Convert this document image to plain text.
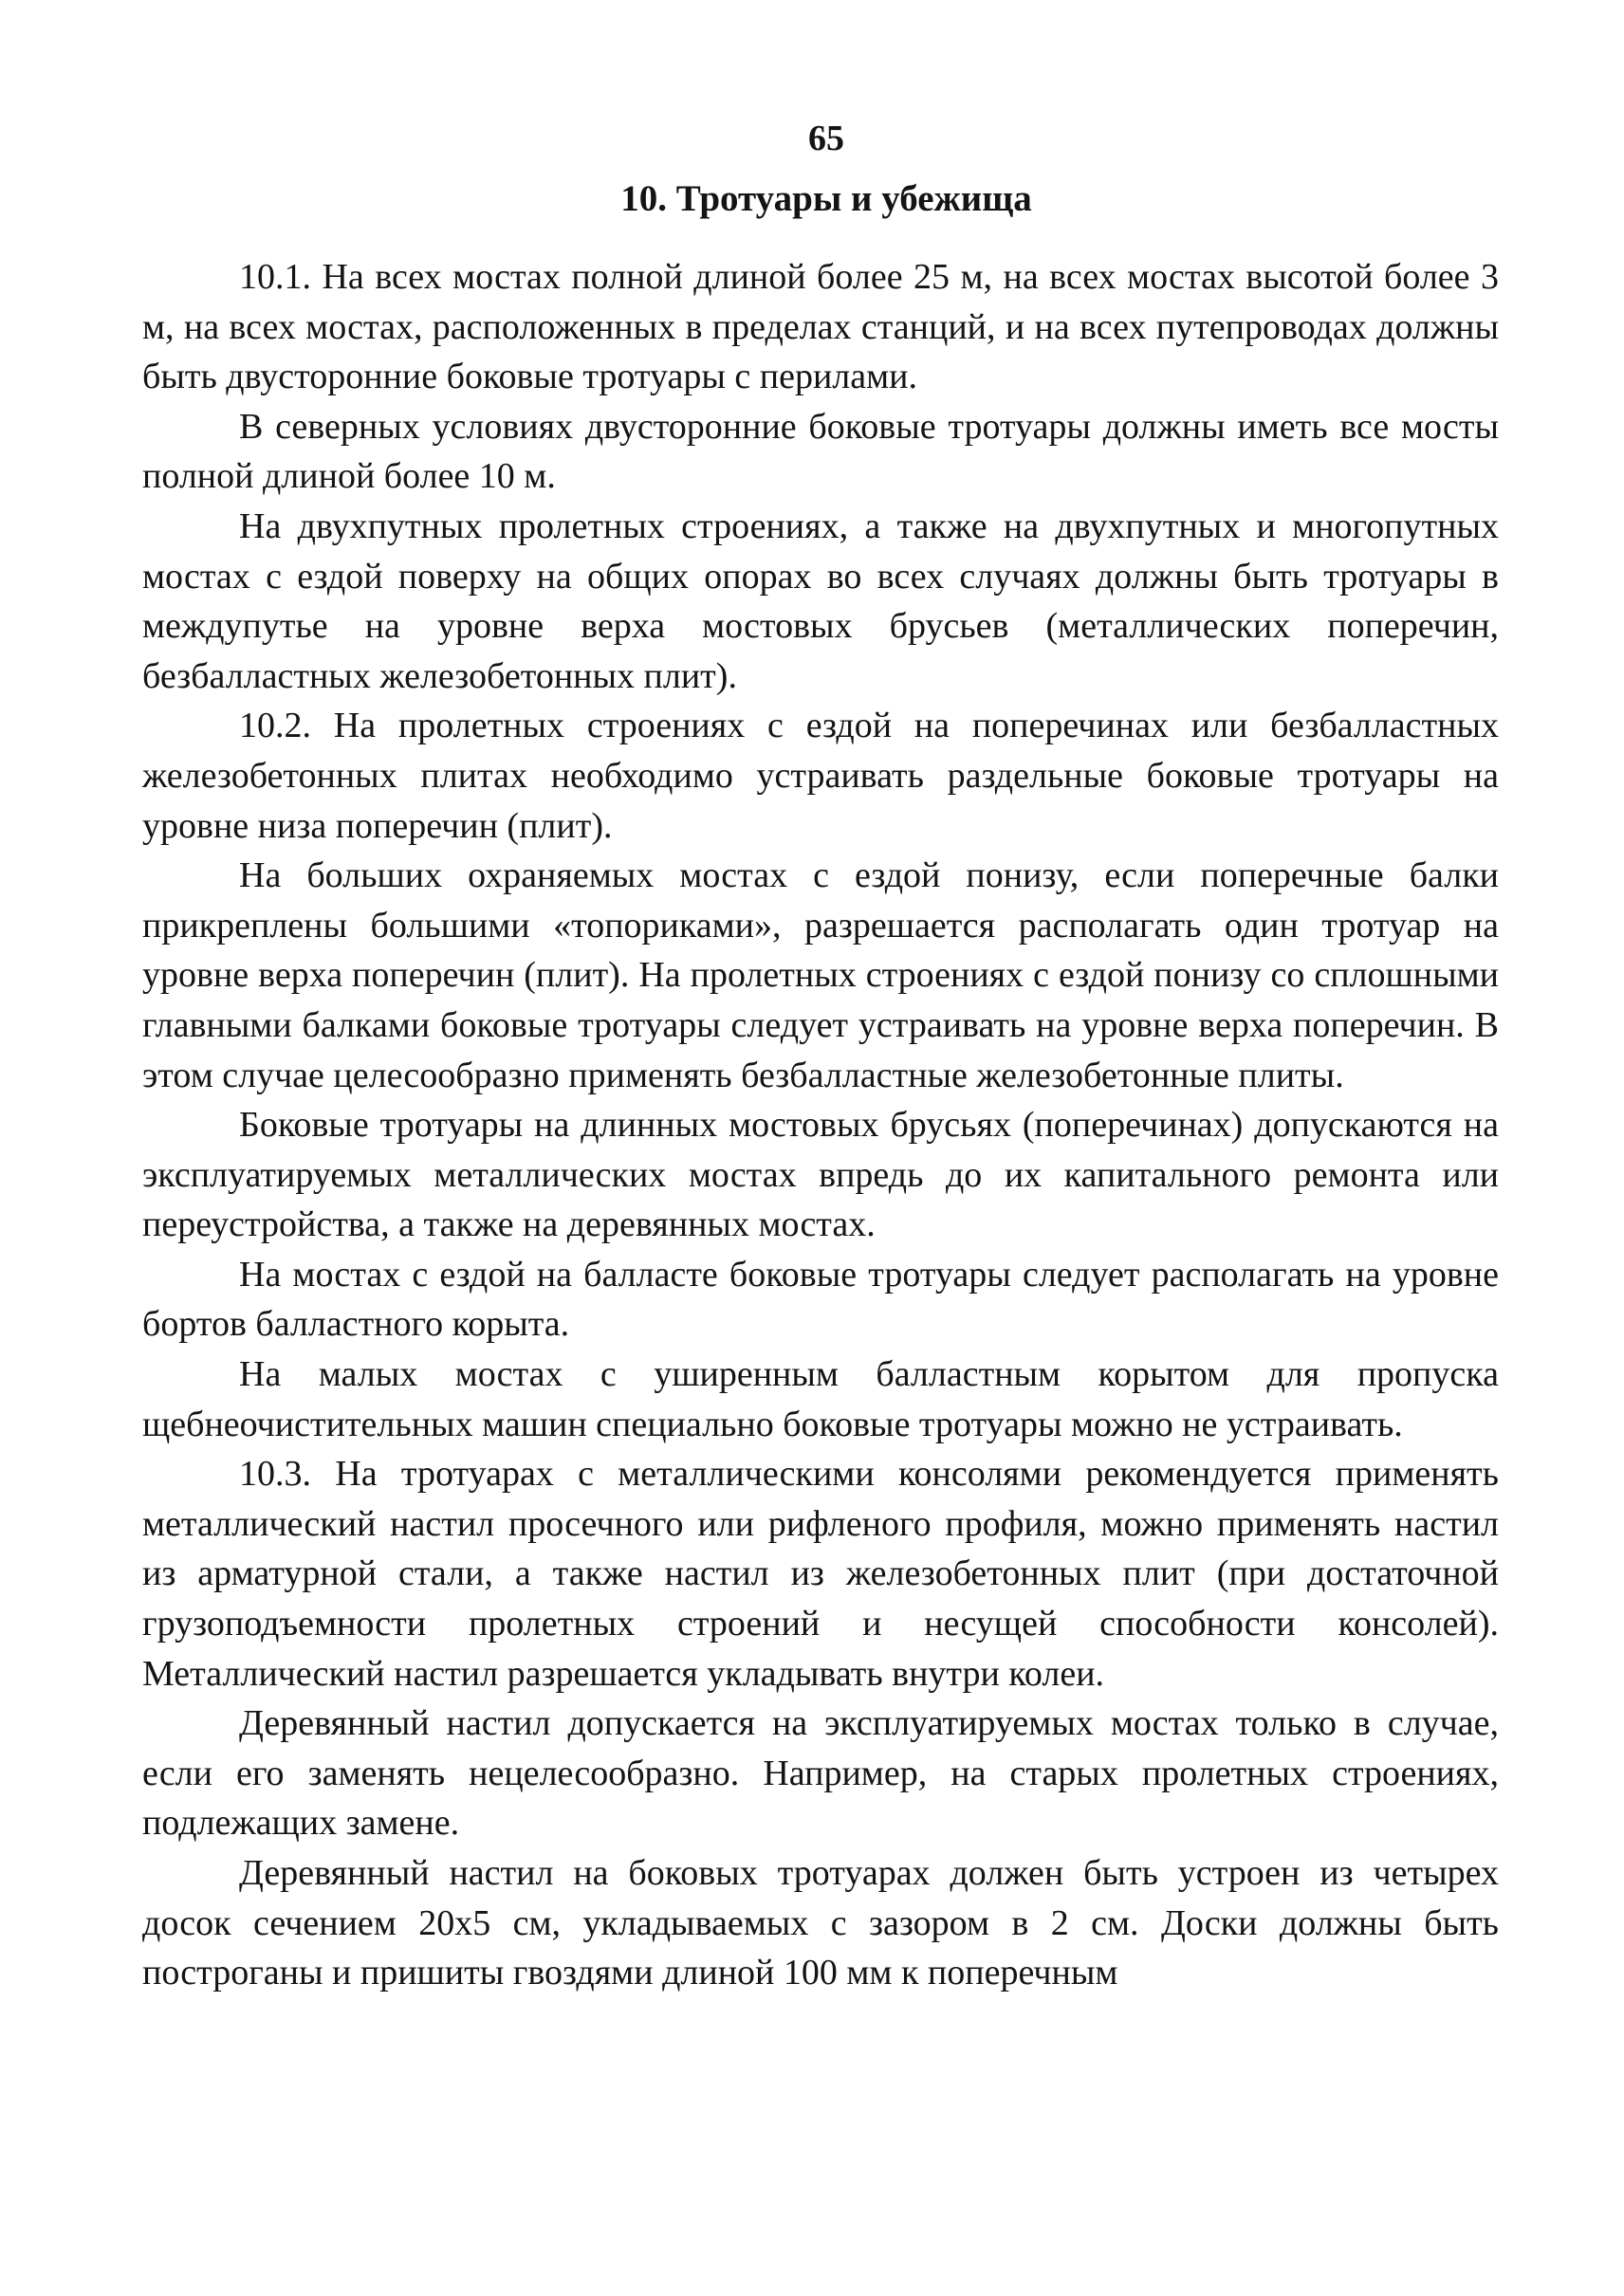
65

10. Тротуары и убежища

10.1. На всех мостах полной длиной более 25 м, на всех мостах высотой более 3 м, на всех мостах, расположенных в пределах станций, и на всех путепроводах должны быть двусторонние боковые тротуары с перилами.

В северных условиях двусторонние боковые тротуары должны иметь все мосты полной длиной более 10 м.

На двухпутных пролетных строениях, а также на двухпутных и многопутных мостах с ездой поверху на общих опорах во всех случаях должны быть тротуары в междупутье на уровне верха мостовых брусьев (металлических поперечин, безбалластных железобетонных плит).

10.2. На пролетных строениях с ездой на поперечинах или безбалластных железобетонных плитах необходимо устраивать раздельные боковые тротуары на уровне низа поперечин (плит).

На больших охраняемых мостах с ездой понизу, если поперечные балки прикреплены большими «топориками», разрешается располагать один тротуар на уровне верха поперечин (плит). На пролетных строениях с ездой понизу со сплошными главными балками боковые тротуары следует устраивать на уровне верха поперечин. В этом случае целесообразно применять безбалластные железобетонные плиты.

Боковые тротуары на длинных мостовых брусьях (поперечинах) допускаются на эксплуатируемых металлических мостах впредь до их капитального ремонта или переустройства, а также на деревянных мостах.

На мостах с ездой на балласте боковые тротуары следует располагать на уровне бортов балластного корыта.

На малых мостах с уширенным балластным корытом для пропуска щебнеочистительных машин специально боковые тротуары можно не устраивать.

10.3. На тротуарах с металлическими консолями рекомендуется применять металлический настил просечного или рифленого профиля, можно применять настил из арматурной стали, а также настил из железобетонных плит (при достаточной грузоподъемности пролетных строений и несущей способности консолей). Металлический настил разрешается укладывать внутри колеи.

Деревянный настил допускается на эксплуатируемых мостах только в случае, если его заменять нецелесообразно. Например, на старых пролетных строениях, подлежащих замене.

Деревянный настил на боковых тротуарах должен быть устроен из четырех досок сечением 20x5 см, укладываемых с зазором в 2 см. Доски должны быть построганы и пришиты гвоздями длиной 100 мм к поперечным
